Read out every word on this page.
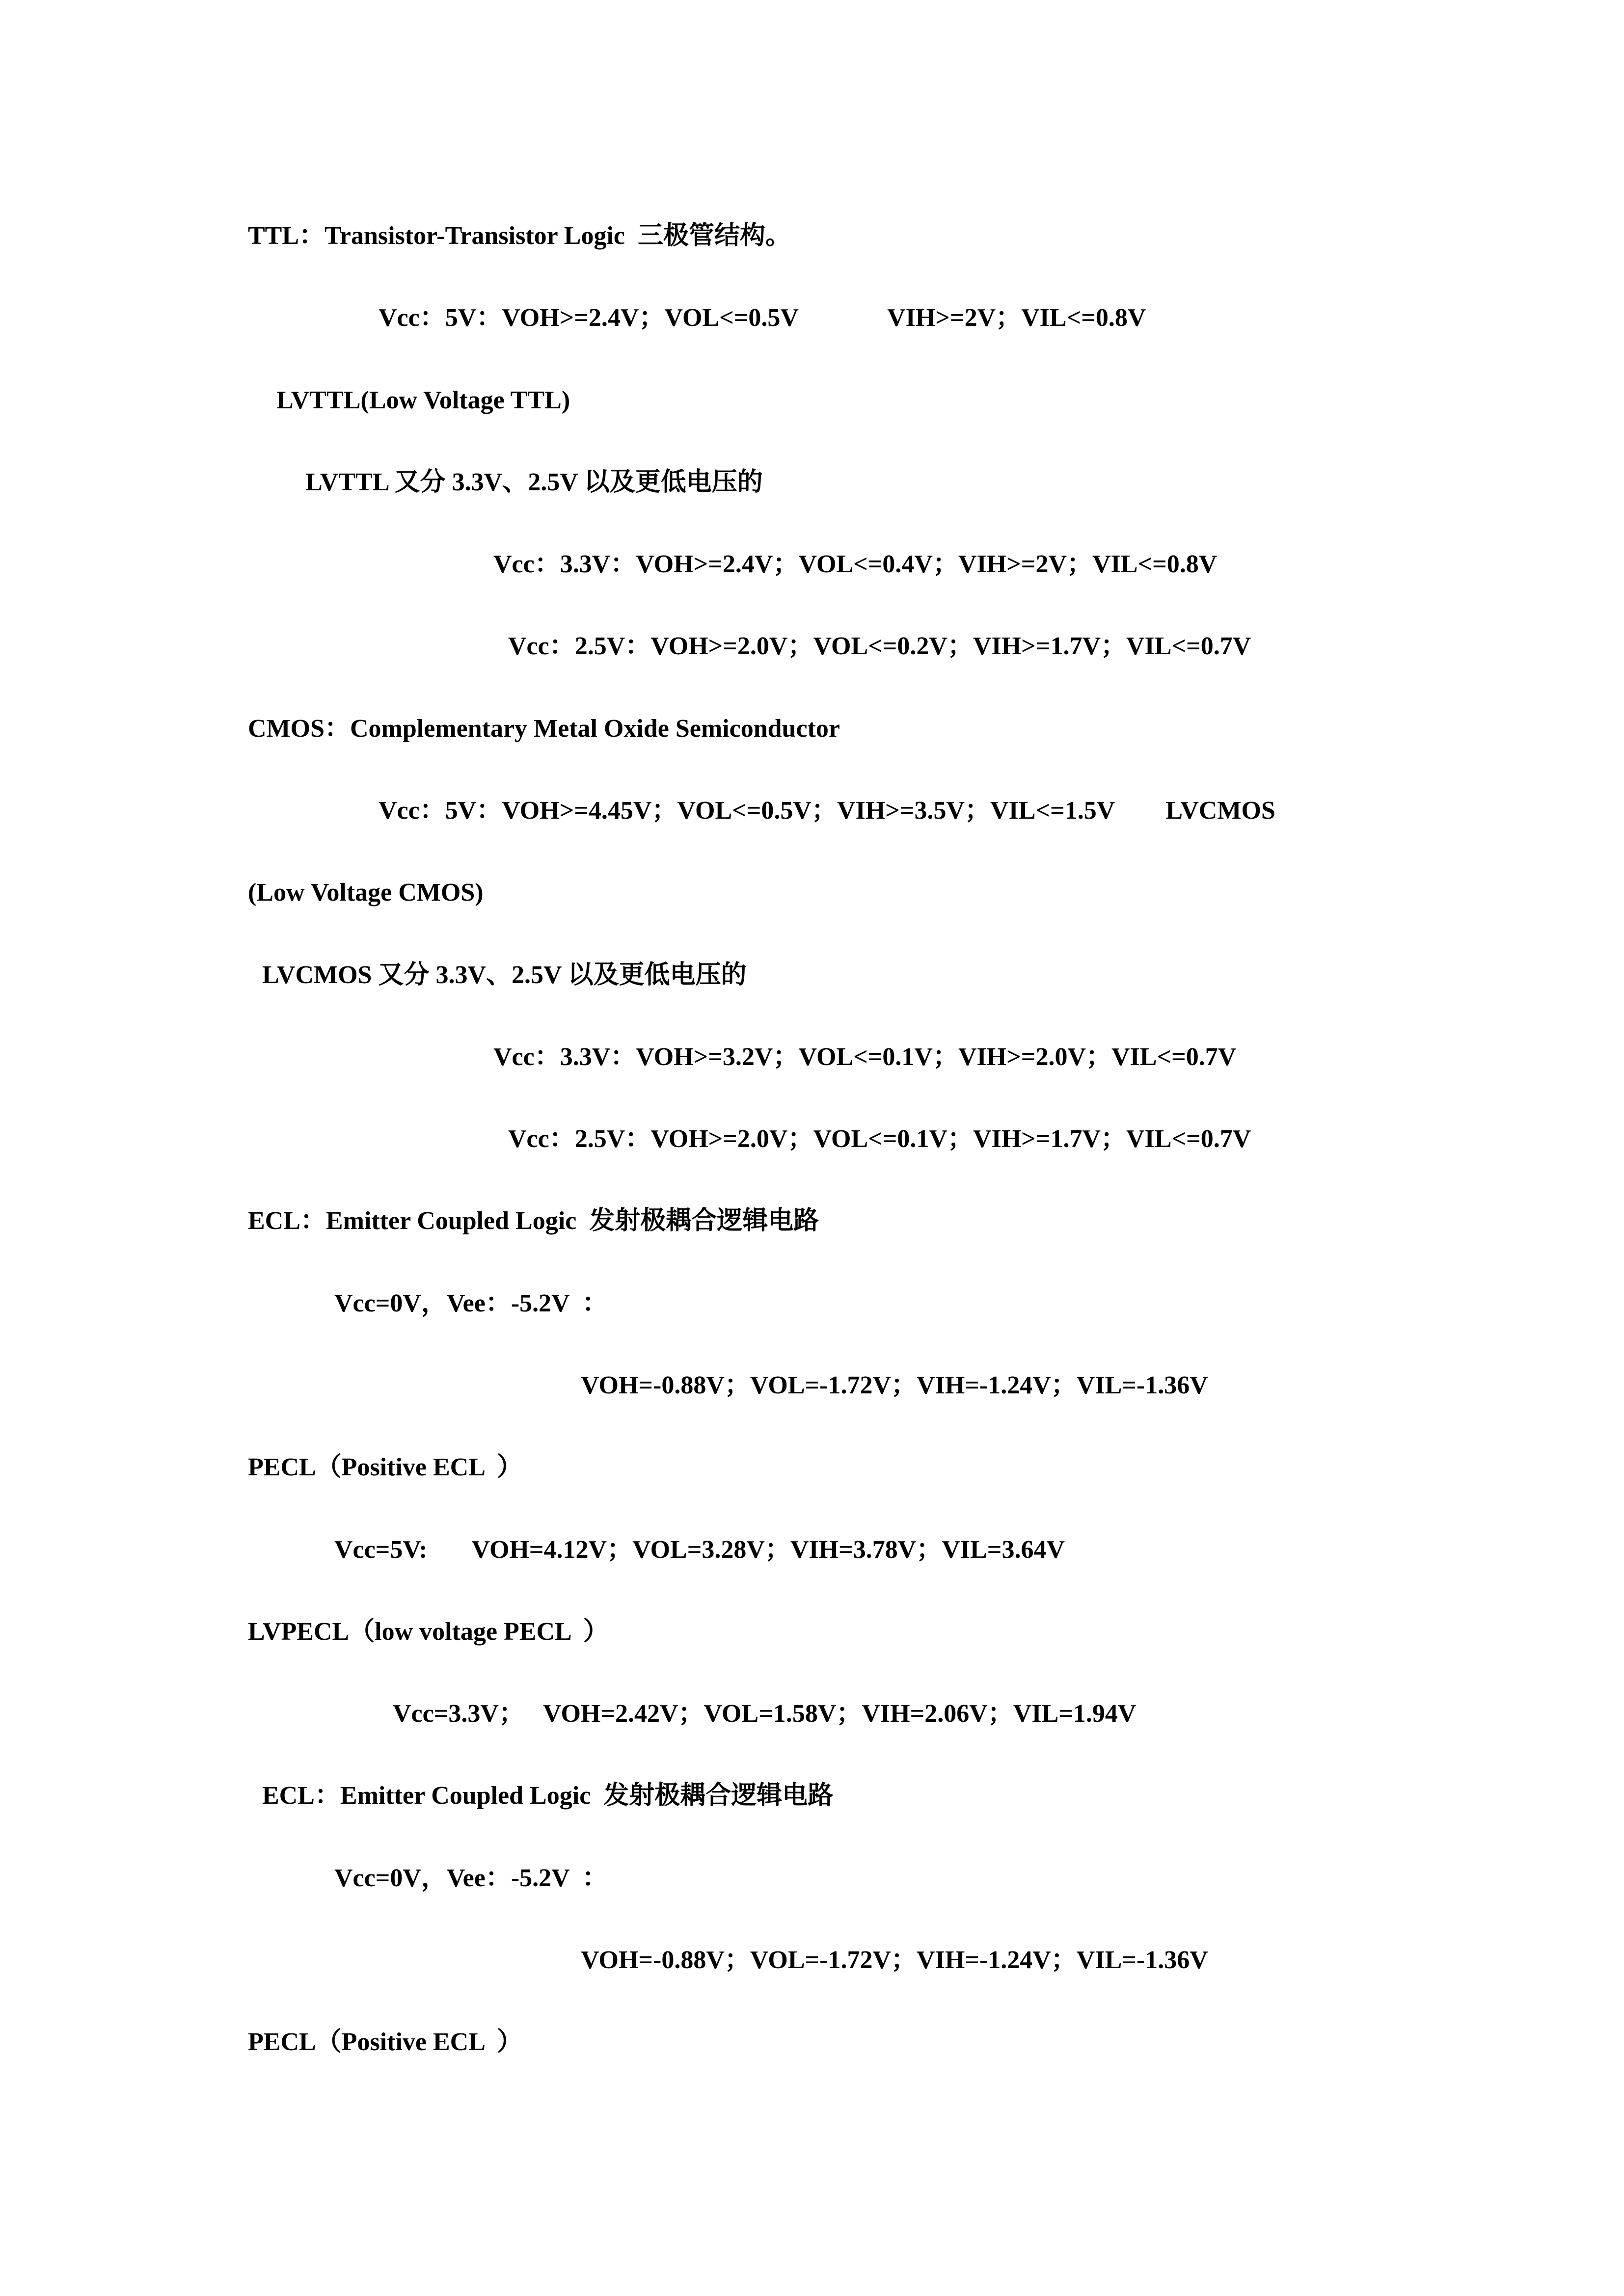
TTL：Transistor-Transistor Logic  三极管结构。
Vcc：5V：VOH>=2.4V；VOL<=0.5V              VIH>=2V；VIL<=0.8V
LVTTL(Low Voltage TTL)
LVTTL 又分 3.3V、2.5V 以及更低电压的
Vcc：3.3V：VOH>=2.4V；VOL<=0.4V；VIH>=2V；VIL<=0.8V
Vcc：2.5V：VOH>=2.0V；VOL<=0.2V；VIH>=1.7V；VIL<=0.7V
CMOS：Complementary Metal Oxide Semiconductor
Vcc：5V：VOH>=4.45V；VOL<=0.5V；VIH>=3.5V；VIL<=1.5V        LVCMOS
(Low Voltage CMOS)
LVCMOS 又分 3.3V、2.5V 以及更低电压的
Vcc：3.3V：VOH>=3.2V；VOL<=0.1V；VIH>=2.0V；VIL<=0.7V
Vcc：2.5V：VOH>=2.0V；VOL<=0.1V；VIH>=1.7V；VIL<=0.7V
ECL：Emitter Coupled Logic  发射极耦合逻辑电路
Vcc=0V，Vee：-5.2V  ：
VOH=-0.88V；VOL=-1.72V；VIH=-1.24V；VIL=-1.36V
PECL（Positive ECL  ）
Vcc=5V:       VOH=4.12V；VOL=3.28V；VIH=3.78V；VIL=3.64V
LVPECL（low voltage PECL  ）
Vcc=3.3V；   VOH=2.42V；VOL=1.58V；VIH=2.06V；VIL=1.94V
ECL：Emitter Coupled Logic  发射极耦合逻辑电路
Vcc=0V，Vee：-5.2V  ：
VOH=-0.88V；VOL=-1.72V；VIH=-1.24V；VIL=-1.36V
PECL（Positive ECL  ）
